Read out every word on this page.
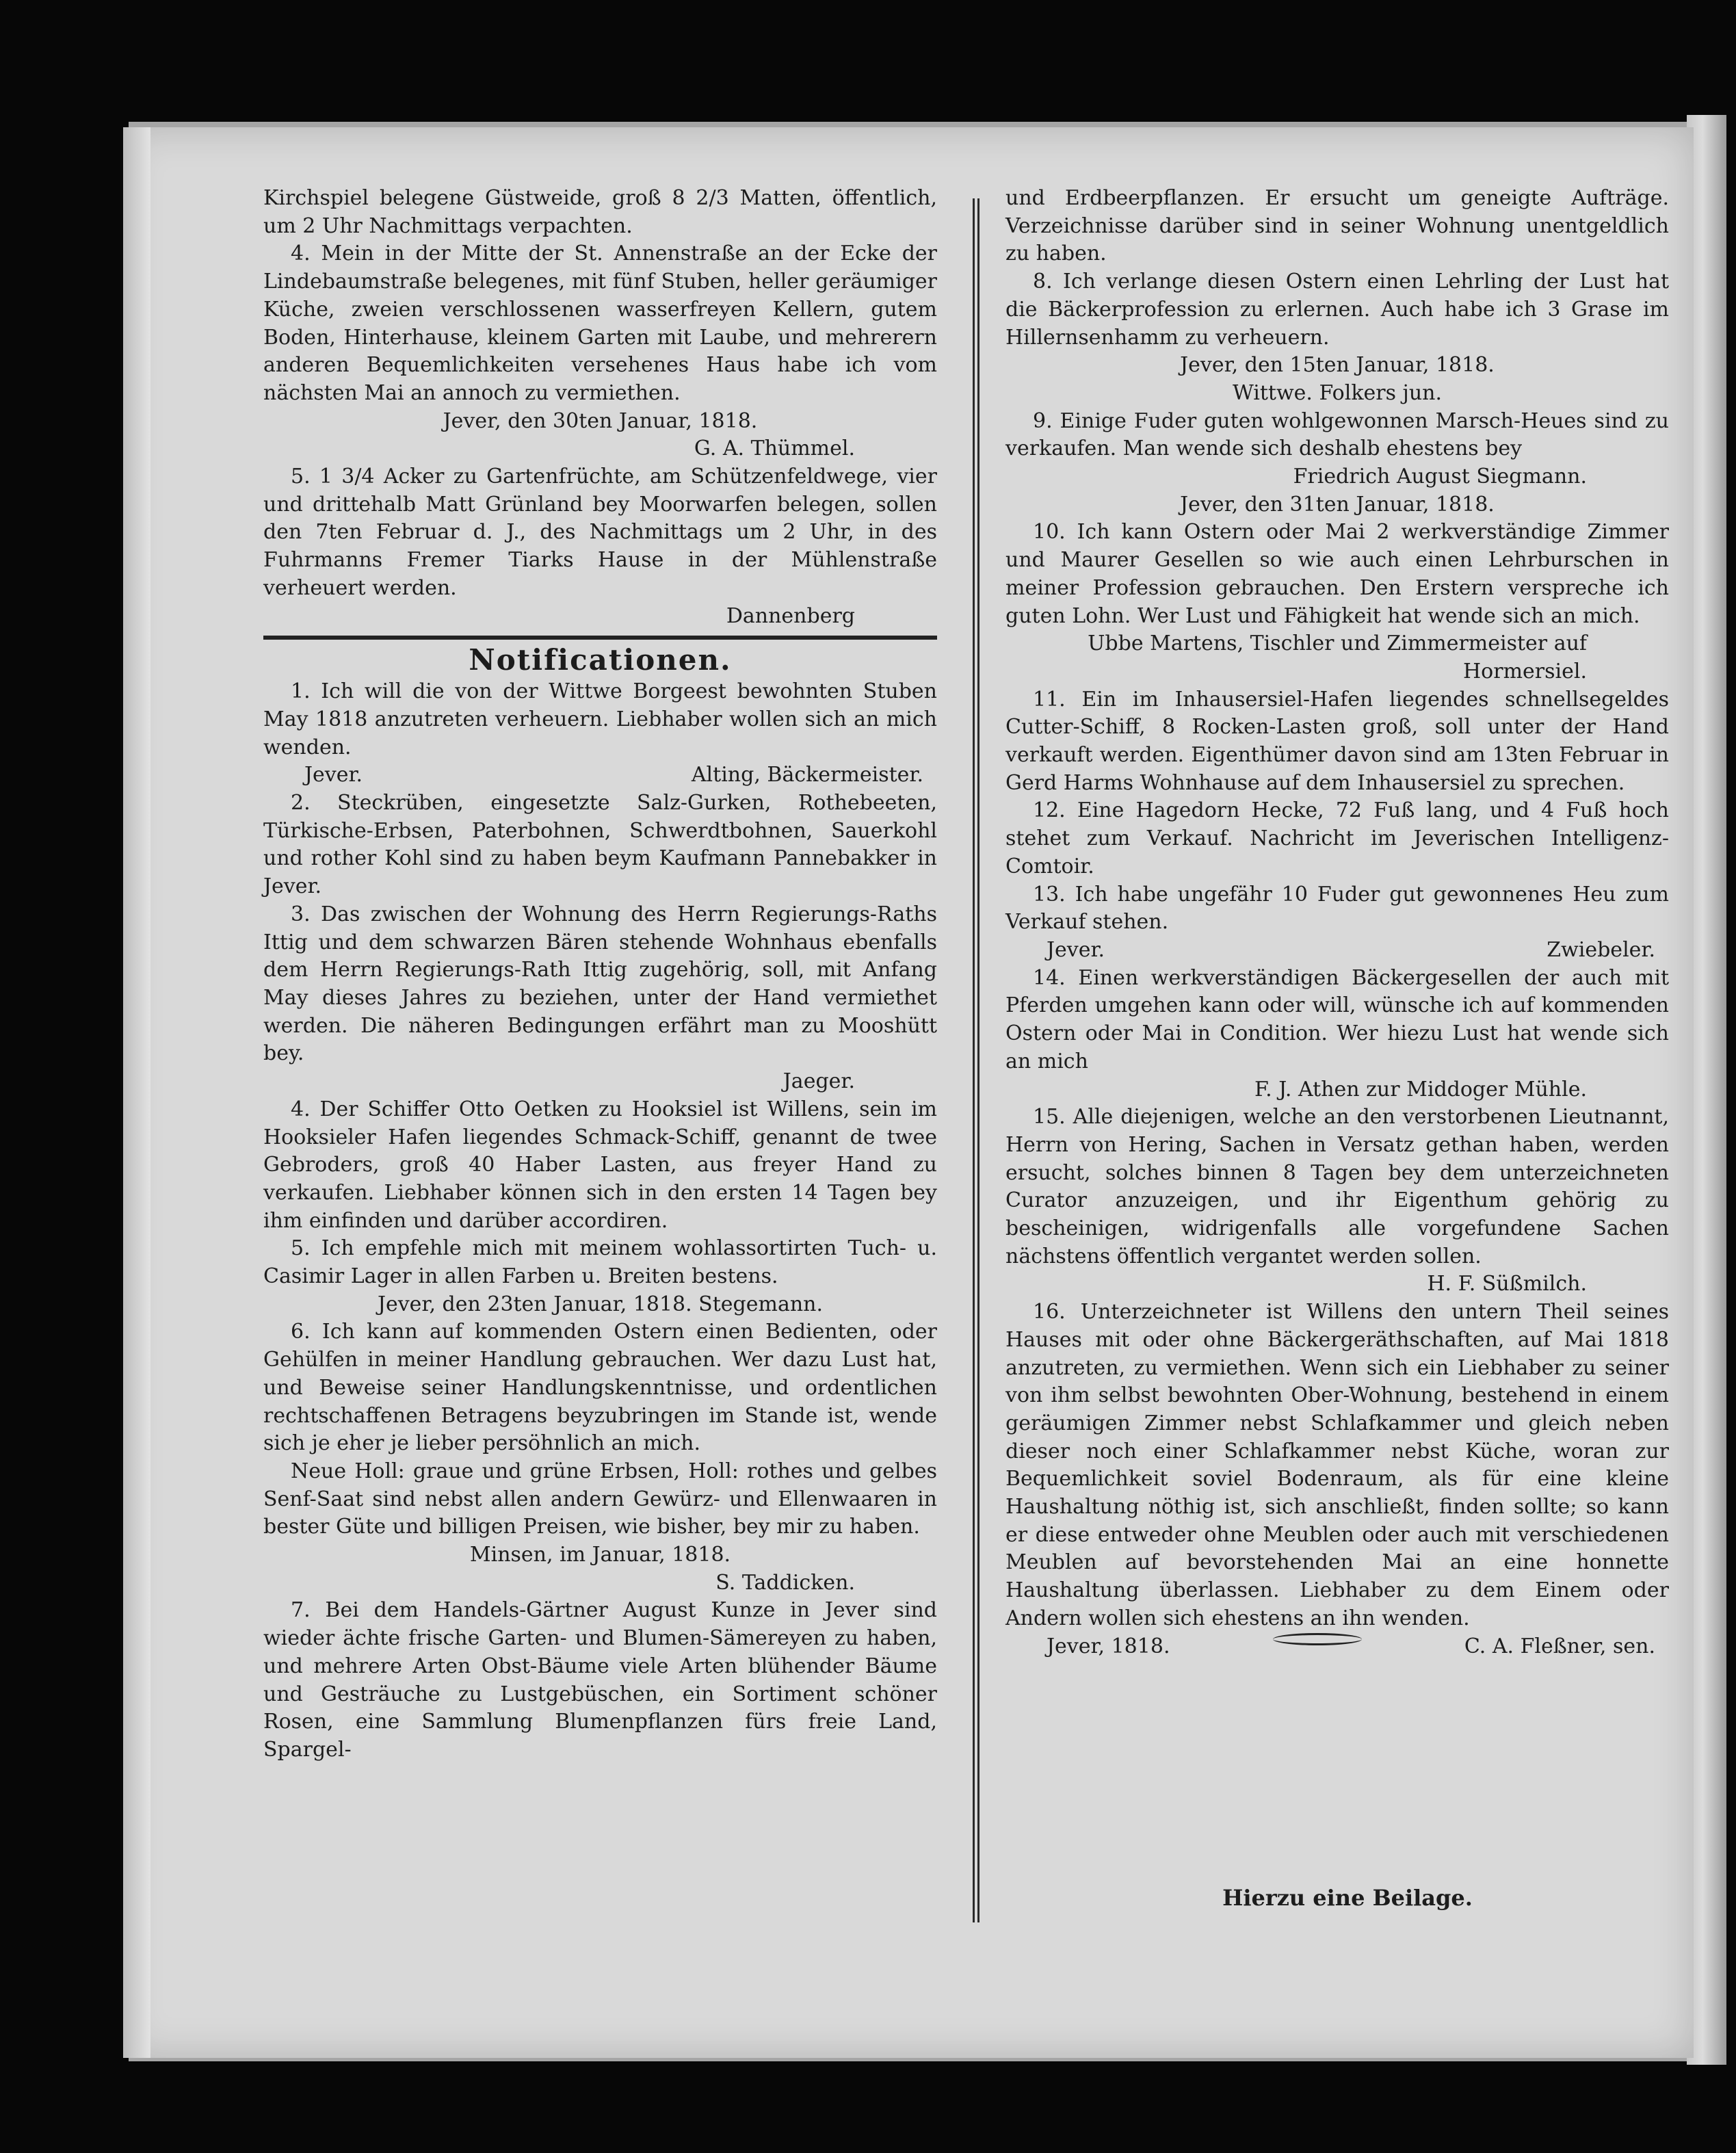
Kirchspiel belegene Güstweide, groß 8 2/3 Matten, öffentlich, um 2 Uhr Nachmittags verpachten.

4. Mein in der Mitte der St. Annenstraße an der Ecke der Lindebaumstraße belegenes, mit fünf Stuben, heller geräumiger Küche, zweien verschlossenen wasserfreyen Kellern, gutem Boden, Hinterhause, kleinem Garten mit Laube, und mehrerern anderen Bequemlichkeiten versehenes Haus habe ich vom nächsten Mai an annoch zu vermiethen.

Jever, den 30ten Januar, 1818.

G. A. Thümmel.

5. 1 3/4 Acker zu Gartenfrüchte, am Schützenfeldwege, vier und drittehalb Matt Grünland bey Moorwarfen belegen, sollen den 7ten Februar d. J., des Nachmittags um 2 Uhr, in des Fuhrmanns Fremer Tiarks Hause in der Mühlenstraße verheuert werden.

Dannenberg

Notificationen.

1. Ich will die von der Wittwe Borgeest bewohnten Stuben May 1818 anzutreten verheuern. Liebhaber wollen sich an mich wenden.

Jever.	Alting, Bäckermeister.

2. Steckrüben, eingesetzte Salz-Gurken, Rothebeeten, Türkische-Erbsen, Paterbohnen, Schwerdtbohnen, Sauerkohl und rother Kohl sind zu haben beym Kaufmann Pannebakker in Jever.

3. Das zwischen der Wohnung des Herrn Regierungs-Raths Ittig und dem schwarzen Bären stehende Wohnhaus ebenfalls dem Herrn Regierungs-Rath Ittig zugehörig, soll, mit Anfang May dieses Jahres zu beziehen, unter der Hand vermiethet werden. Die näheren Bedingungen erfährt man zu Mooshütt bey.

Jaeger.

4. Der Schiffer Otto Oetken zu Hooksiel ist Willens, sein im Hooksieler Hafen liegendes Schmack-Schiff, genannt de twee Gebroders, groß 40 Haber Lasten, aus freyer Hand zu verkaufen. Liebhaber können sich in den ersten 14 Tagen bey ihm einfinden und darüber accordiren.

5. Ich empfehle mich mit meinem wohlassortirten Tuch- u. Casimir Lager in allen Farben u. Breiten bestens.

Jever, den 23ten Januar, 1818. Stegemann.

6. Ich kann auf kommenden Ostern einen Bedienten, oder Gehülfen in meiner Handlung gebrauchen. Wer dazu Lust hat, und Beweise seiner Handlungskenntnisse, und ordentlichen rechtschaffenen Betragens beyzubringen im Stande ist, wende sich je eher je lieber persöhnlich an mich.

Neue Holl: graue und grüne Erbsen, Holl: rothes und gelbes Senf-Saat sind nebst allen andern Gewürz- und Ellenwaaren in bester Güte und billigen Preisen, wie bisher, bey mir zu haben.

Minsen, im Januar, 1818.

S. Taddicken.

7. Bei dem Handels-Gärtner August Kunze in Jever sind wieder ächte frische Garten- und Blumen-Sämereyen zu haben, und mehrere Arten Obst-Bäume viele Arten blühender Bäume und Gesträuche zu Lustgebüschen, ein Sortiment schöner Rosen, eine Sammlung Blumenpflanzen fürs freie Land, Spargel-

und Erdbeerpflanzen. Er ersucht um geneigte Aufträge. Verzeichnisse darüber sind in seiner Wohnung unentgeldlich zu haben.

8. Ich verlange diesen Ostern einen Lehrling der Lust hat die Bäckerprofession zu erlernen. Auch habe ich 3 Grase im Hillernsenhamm zu verheuern.

Jever, den 15ten Januar, 1818.

Wittwe. Folkers jun.

9. Einige Fuder guten wohlgewonnen Marsch-Heues sind zu verkaufen. Man wende sich deshalb ehestens bey

Friedrich August Siegmann.

Jever, den 31ten Januar, 1818.

10. Ich kann Ostern oder Mai 2 werkverständige Zimmer und Maurer Gesellen so wie auch einen Lehrburschen in meiner Profession gebrauchen. Den Erstern verspreche ich guten Lohn. Wer Lust und Fähigkeit hat wende sich an mich.

Ubbe Martens, Tischler und Zimmermeister auf Hormersiel.

11. Ein im Inhausersiel-Hafen liegendes schnellsegeldes Cutter-Schiff, 8 Rocken-Lasten groß, soll unter der Hand verkauft werden. Eigenthümer davon sind am 13ten Februar in Gerd Harms Wohnhause auf dem Inhausersiel zu sprechen.

12. Eine Hagedorn Hecke, 72 Fuß lang, und 4 Fuß hoch stehet zum Verkauf. Nachricht im Jeverischen Intelligenz-Comtoir.

13. Ich habe ungefähr 10 Fuder gut gewonnenes Heu zum Verkauf stehen.

Jever.	Zwiebeler.

14. Einen werkverständigen Bäckergesellen der auch mit Pferden umgehen kann oder will, wünsche ich auf kommenden Ostern oder Mai in Condition. Wer hiezu Lust hat wende sich an mich

F. J. Athen zur Middoger Mühle.

15. Alle diejenigen, welche an den verstorbenen Lieutnannt, Herrn von Hering, Sachen in Versatz gethan haben, werden ersucht, solches binnen 8 Tagen bey dem unterzeichneten Curator anzuzeigen, und ihr Eigenthum gehörig zu bescheinigen, widrigenfalls alle vorgefundene Sachen nächstens öffentlich vergantet werden sollen.

H. F. Süßmilch.

16. Unterzeichneter ist Willens den untern Theil seines Hauses mit oder ohne Bäckergeräthschaften, auf Mai 1818 anzutreten, zu vermiethen. Wenn sich ein Liebhaber zu seiner von ihm selbst bewohnten Ober-Wohnung, bestehend in einem geräumigen Zimmer nebst Schlafkammer und gleich neben dieser noch einer Schlafkammer nebst Küche, woran zur Bequemlichkeit soviel Bodenraum, als für eine kleine Haushaltung nöthig ist, sich anschließt, finden sollte; so kann er diese entweder ohne Meublen oder auch mit verschiedenen Meublen auf bevorstehenden Mai an eine honnette Haushaltung überlassen. Liebhaber zu dem Einem oder Andern wollen sich ehestens an ihn wenden.

Jever, 1818.	C. A. Fleßner, sen.

Hierzu eine Beilage.
